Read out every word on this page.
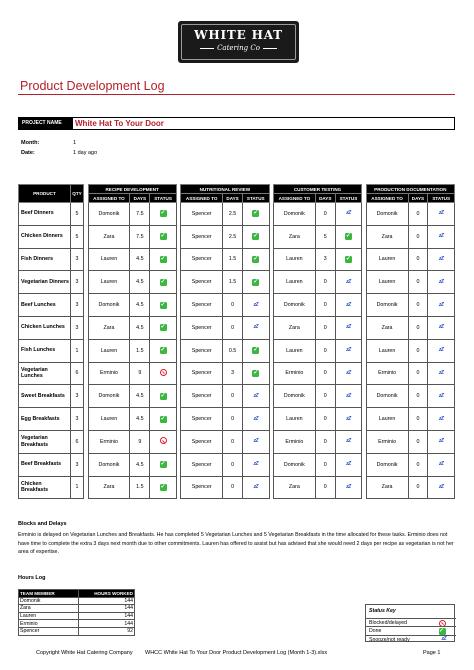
WHITE HAT
Catering Co
Product Development Log
PROJECT NAME	White Hat To Your Door
Month:	1
Date:	1 day ago
PRODUCT	QTY		RECIPE DEVELOPMENT				NUTRITIONAL REVIEW				CUSTOMER TESTING				PRODUCTION DOCUMENTATION		
			ASSIGNED TO	DAYS	STATUS		ASSIGNED TO	DAYS	STATUS		ASSIGNED TO	DAYS	STATUS		ASSIGNED TO	DAYS	STATUS
Beef Dinners	5		Domonik	7.5	✓		Spencer	2.5	✓		Domonik	0	zZ		Domonik	0	zZ
Chicken Dinners	5		Zara	7.5	✓		Spencer	2.5	✓		Zara	5	✓		Zara	0	zZ
Fish Dinners	3		Lauren	4.5	✓		Spencer	1.5	✓		Lauren	3	✓		Lauren	0	zZ
Vegetarian Dinners	3		Lauren	4.5	✓		Spencer	1.5	✓		Lauren	0	zZ		Lauren	0	zZ
Beef Lunches	3		Domonik	4.5	✓		Spencer	0	zZ		Domonik	0	zZ		Domonik	0	zZ
Chicken Lunches	3		Zara	4.5	✓		Spencer	0	zZ		Zara	0	zZ		Zara	0	zZ
Fish Lunches	1		Lauren	1.5	✓		Spencer	0.5	✓		Lauren	0	zZ		Lauren	0	zZ
Vegetarian Lunches	6		Erminio	9			Spencer	3	✓		Erminio	0	zZ		Erminio	0	zZ
Sweet Breakfasts	3		Domonik	4.5	✓		Spencer	0	zZ		Domonik	0	zZ		Domonik	0	zZ
Egg Breakfasts	3		Lauren	4.5	✓		Spencer	0	zZ		Lauren	0	zZ		Lauren	0	zZ
Vegetarian Breakfasts	6		Erminio	9			Spencer	0	zZ		Erminio	0	zZ		Erminio	0	zZ
Beef Breakfasts	3		Domonik	4.5	✓		Spencer	0	zZ		Domonik	0	zZ		Domonik	0	zZ
Chicken Breakfasts	1		Zara	1.5	✓		Spencer	0	zZ		Zara	0	zZ		Zara	0	zZ
Blocks and Delays
Erminio is delayed on Vegetarian Lunches and Breakfasts. He has completed 5 Vegetarian Lunches and 5 Vegetarian Breakfasts in the time allocated for these tasks. Erminio does not have time to complete the extra 3 days next month due to other commitments. Lauren has offered to assist but has advised that she would need 2 days per recipe as vegetarian is not her area of expertise.
Hours Log
TEAM MEMBER	HOURS WORKED
Domonik	144
Zara	144
Lauren	144
Erminio	144
Spencer	92
Status Key
Blocked/delayed
Done	✓
Snooze/not ready	zZ
Copyright White Hat Catering Company WHCC White Hat To Your Door Product Development Log (Month 1-3).xlsx	Page 1
